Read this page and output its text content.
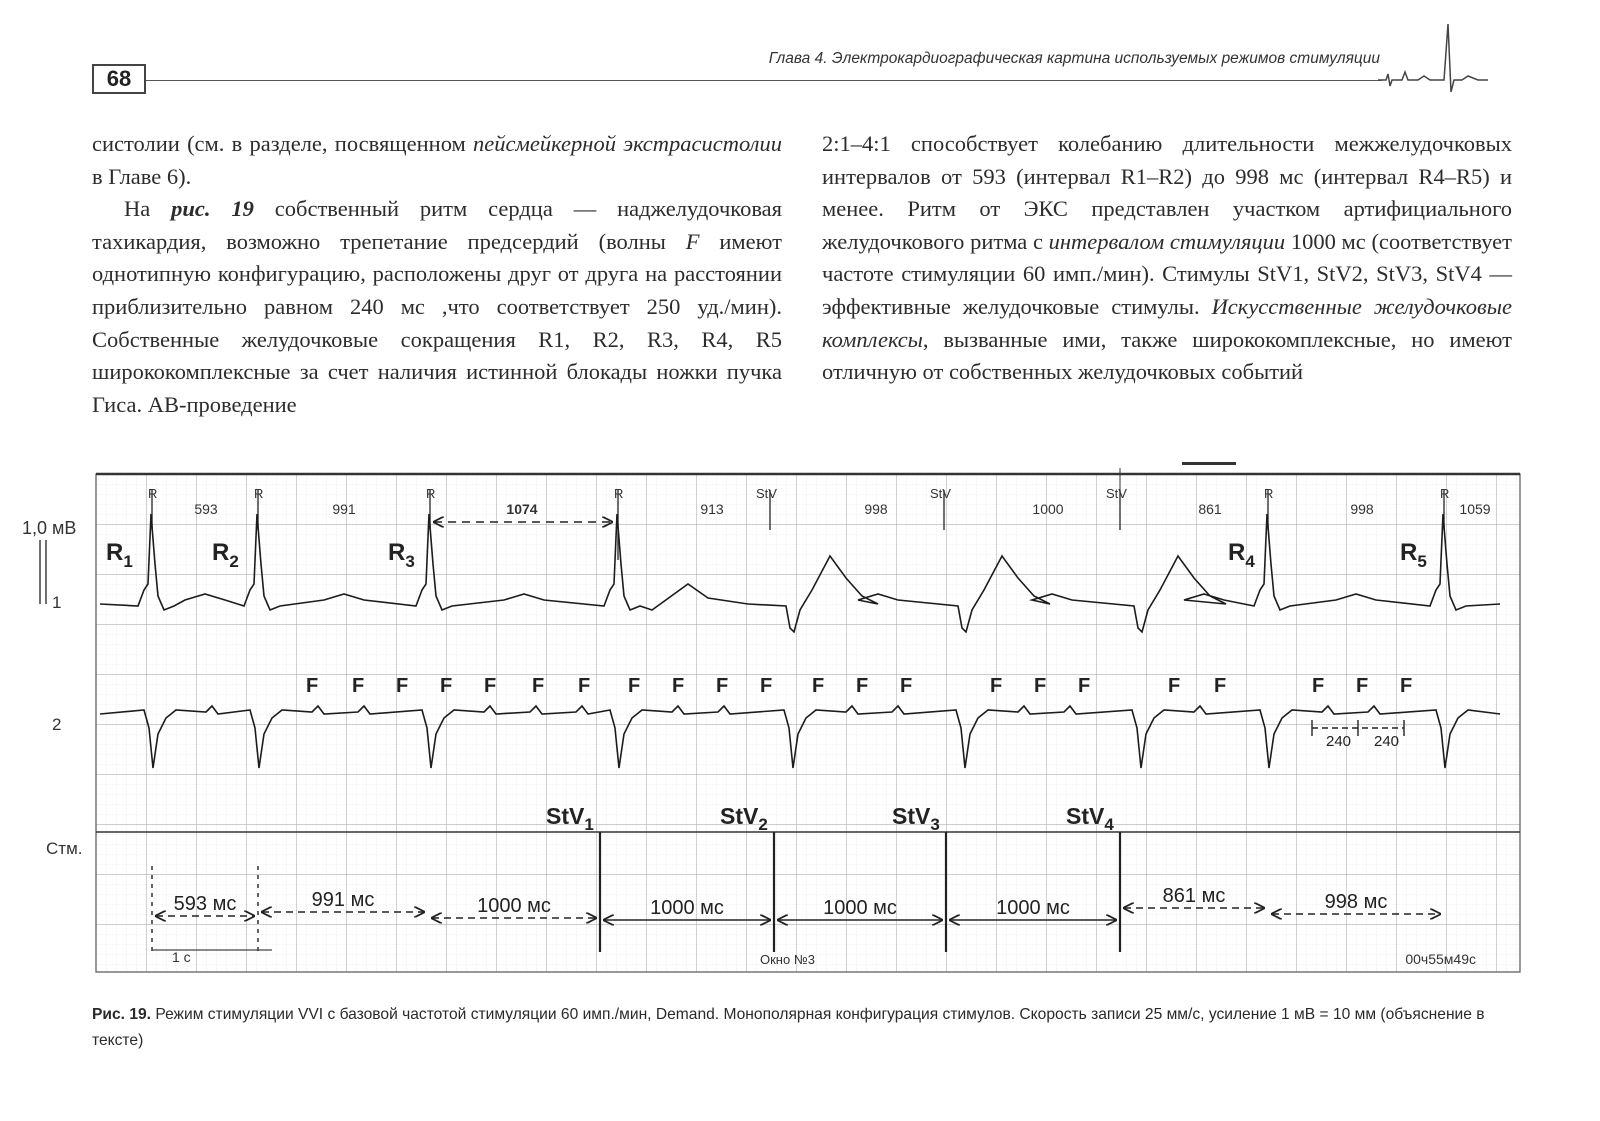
68
Глава 4. Электрокардиографическая картина используемых режимов стимуляции

систолии (см. в разделе, посвященном пейсмейкерной экстрасистолии в Главе 6).

На рис. 19 собственный ритм сердца — наджелудочковая тахикардия, возможно трепетание предсердий (волны F имеют однотипную конфигурацию, расположены друг от друга на расстоянии приблизительно равном 240 мс ,что соответствует 250 уд./мин). Собственные желудочковые сокращения R1, R2, R3, R4, R5 ширококомплексные за счет наличия истинной блокады ножки пучка Гиса. АВ-проведение

2:1–4:1 способствует колебанию длительности межжелудочковых интервалов от 593 (интервал R1–R2) до 998 мс (интервал R4–R5) и менее. Ритм от ЭКС представлен участком артифициального желудочкового ритма с интервалом стимуляции 1000 мс (соответствует частоте стимуляции 60 имп./мин). Стимулы StV1, StV2, StV3, StV4 — эффективные желудочковые стимулы. Искусственные желудочковые комплексы, вызванные ими, также ширококомплексные, но имеют отличную от собственных желудочковых событий

1,0 мВ
1
2
Стм.
R	R	R	R	StV	StV	StV	R	R
593	991	1074	913	998	1000	861	998	1059
F F F F F F F F F F F F F F	F F F	F F	F F F
240 240
StV$_1$	StV$_2$	StV$_3$	StV$_4$
593 мс	991 мс	1000 мс	1000 мс	1000 мс	1000 мс
861 мс	998 мс
1 с	Окно №3	00ч55м49с
$R_1$	$R_2$	$R_3$	$R_4$	$R_5$
Рис. 19. Режим стимуляции VVI с базовой частотой стимуляции 60 имп./мин, Demand. Монополярная конфигурация стимулов. Скорость записи 25 мм/с, усиление 1 мВ = 10 мм (объяснение в тексте)
